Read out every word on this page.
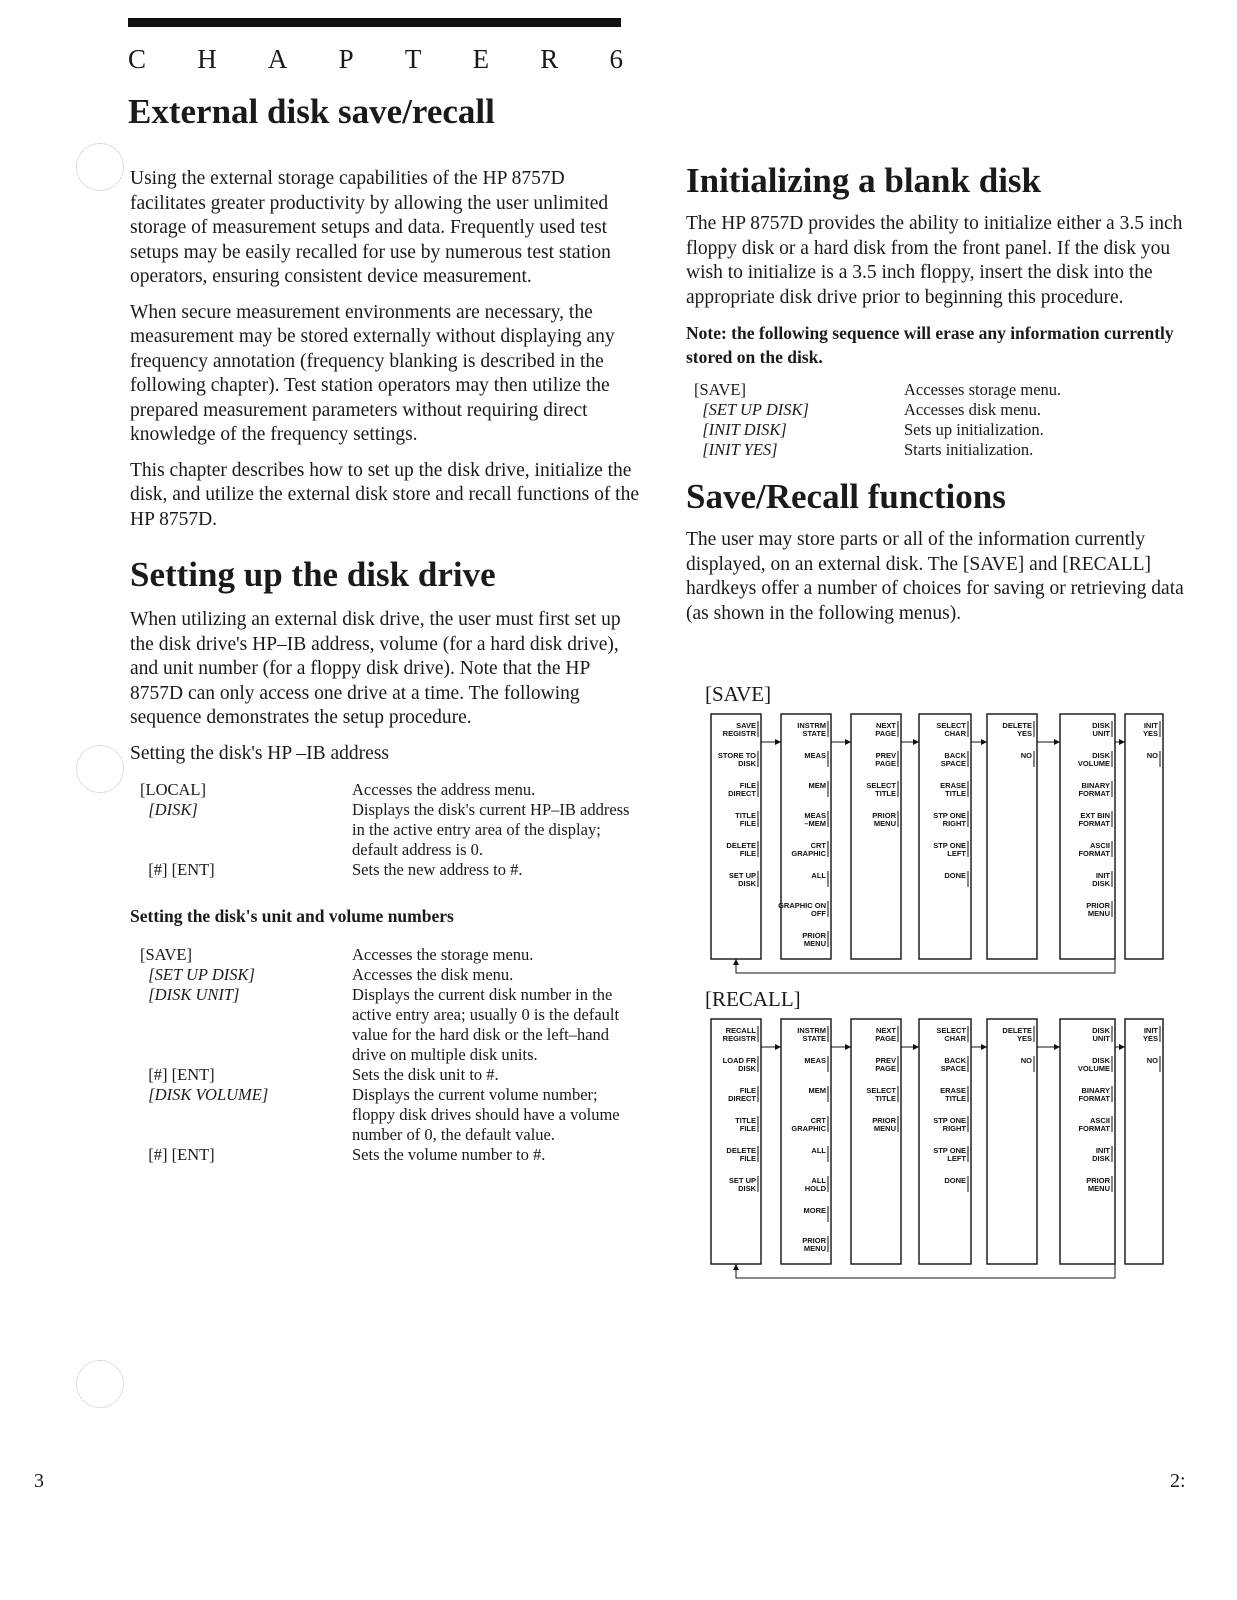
C H A P T E R 6
External disk save/recall

Using the external storage capabilities of the HP 8757D facilitates greater productivity by allowing the user unlimited storage of measurement setups and data. Frequently used test setups may be easily recalled for use by numerous test station operators, ensuring consistent device measurement.

When secure measurement environments are necessary, the measurement may be stored externally without displaying any frequency annotation (frequency blanking is described in the following chapter). Test station operators may then utilize the prepared measurement parameters without requiring direct knowledge of the frequency settings.

This chapter describes how to set up the disk drive, initialize the disk, and utilize the external disk store and recall functions of the HP 8757D.

Setting up the disk drive

When utilizing an external disk drive, the user must first set up the disk drive's HP–IB address, volume (for a hard disk drive), and unit number (for a floppy disk drive). Note that the HP 8757D can only access one drive at a time. The following sequence demonstrates the setup procedure.

Setting the disk's HP –IB address

[LOCAL]	Accesses the address menu.
[DISK]	Displays the disk's current HP–IB address in the active entry area of the display; default address is 0.
[#] [ENT]	Sets the new address to #.
Setting the disk's unit and volume numbers
[SAVE]	Accesses the storage menu.
[SET UP DISK]	Accesses the disk menu.
[DISK UNIT]	Displays the current disk number in the active entry area; usually 0 is the default value for the hard disk or the left–hand drive on multiple disk units.
[#] [ENT]	Sets the disk unit to #.
[DISK VOLUME]	Displays the current volume number; floppy disk drives should have a volume number of 0, the default value.
[#] [ENT]	Sets the volume number to #.
Initializing a blank disk

The HP 8757D provides the ability to initialize either a 3.5 inch floppy disk or a hard disk from the front panel. If the disk you wish to initialize is a 3.5 inch floppy, insert the disk into the appropriate disk drive prior to beginning this procedure.

Note: the following sequence will erase any information currently stored on the disk.

[SAVE]	Accesses storage menu.
[SET UP DISK]	Accesses disk menu.
[INIT DISK]	Sets up initialization.
[INIT YES]	Starts initialization.
Save/Recall functions

The user may store parts or all of the information currently displayed, on an external disk. The [SAVE] and [RECALL] hardkeys offer a number of choices for saving or retrieving data (as shown in the following menus).

[SAVE]
SAVE
REGISTR
STORE TO
DISK
FILE
DIRECT
TITLE
FILE
DELETE
FILE
SET UP
DISK
INSTRM
STATE
MEAS
MEM
MEAS
–MEM
CRT
GRAPHIC
ALL
GRAPHIC ON
OFF
PRIOR
MENU
NEXT
PAGE
PREV
PAGE
SELECT
TITLE
PRIOR
MENU
SELECT
CHAR
BACK
SPACE
ERASE
TITLE
STP ONE
RIGHT
STP ONE
LEFT
DONE
DELETE
YES
NO
DISK
UNIT
DISK
VOLUME
BINARY
FORMAT
EXT BIN
FORMAT
ASCII
FORMAT
INIT
DISK
PRIOR
MENU
INIT
YES
NO
[RECALL]
RECALL
REGISTR
LOAD FR
DISK
FILE
DIRECT
TITLE
FILE
DELETE
FILE
SET UP
DISK
INSTRM
STATE
MEAS
MEM
CRT
GRAPHIC
ALL
ALL
HOLD
MORE
PRIOR
MENU
NEXT
PAGE
PREV
PAGE
SELECT
TITLE
PRIOR
MENU
SELECT
CHAR
BACK
SPACE
ERASE
TITLE
STP ONE
RIGHT
STP ONE
LEFT
DONE
DELETE
YES
NO
DISK
UNIT
DISK
VOLUME
BINARY
FORMAT
ASCII
FORMAT
INIT
DISK
PRIOR
MENU
INIT
YES
NO
3	2:
